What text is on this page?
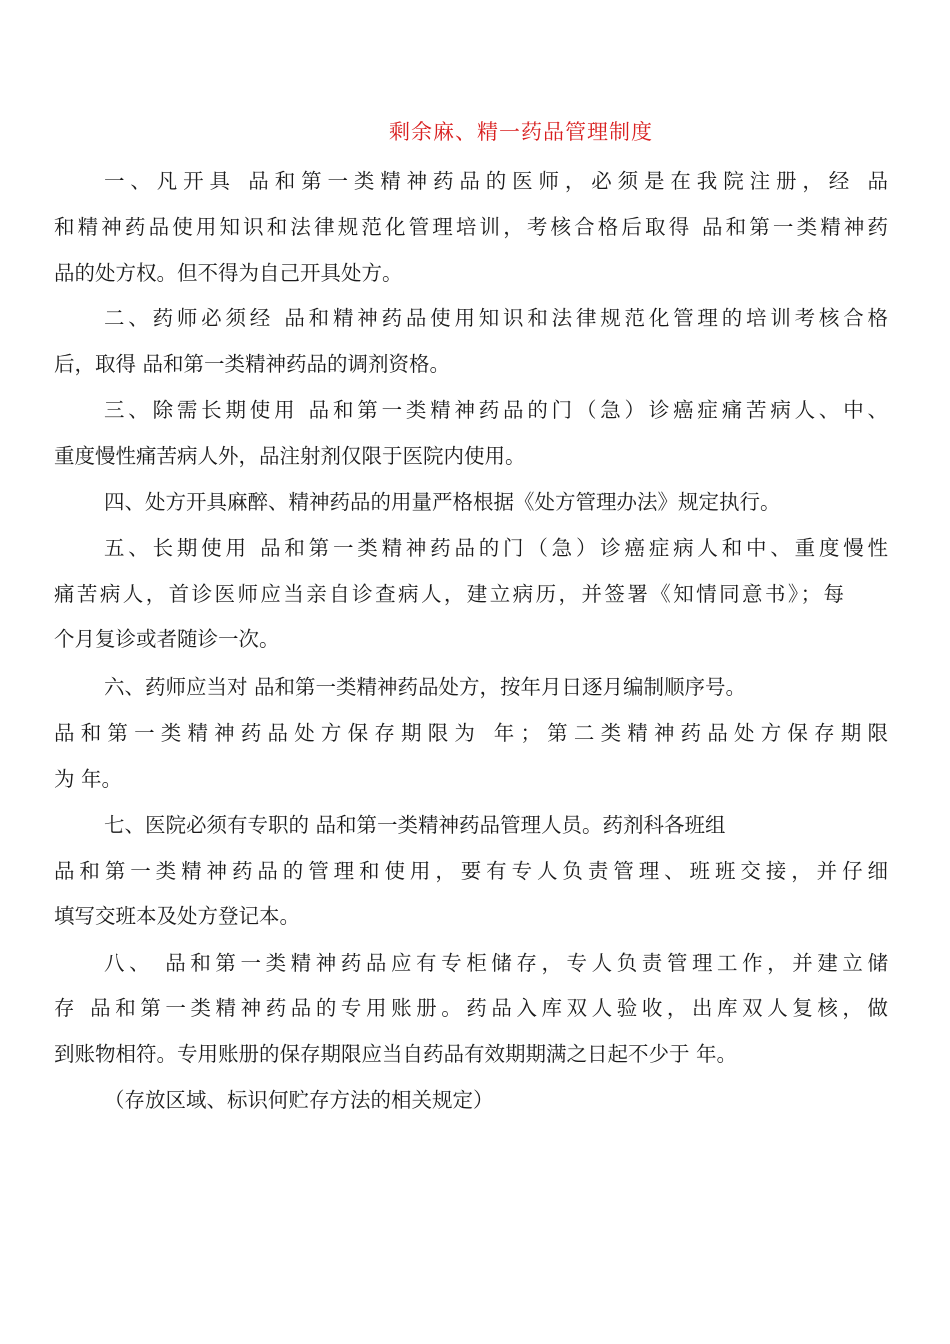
剩余麻、精一药品管理制度
一、凡开具 品和第一类精神药品的医师，必须是在我院注册，经 品
和精神药品使用知识和法律规范化管理培训，考核合格后取得 品和第一类精神药
品的处方权。但不得为自己开具处方。
二、药师必须经 品和精神药品使用知识和法律规范化管理的培训考核合格
后，取得 品和第一类精神药品的调剂资格。
三、除需长期使用 品和第一类精神药品的门（急）诊癌症痛苦病人、中、
重度慢性痛苦病人外，品注射剂仅限于医院内使用。
四、处方开具麻醉、精神药品的用量严格根据《处方管理办法》规定执行。
五、长期使用 品和第一类精神药品的门（急）诊癌症病人和中、重度慢性
痛苦病人，首诊医师应当亲自诊查病人，建立病历，并签署《知情同意书》；每
个月复诊或者随诊一次。
六、药师应当对 品和第一类精神药品处方，按年月日逐月编制顺序号。
品和第一类精神药品处方保存期限为 年；第二类精神药品处方保存期限
为 年。
七、医院必须有专职的 品和第一类精神药品管理人员。药剂科各班组
品和第一类精神药品的管理和使用，要有专人负责管理、班班交接，并仔细
填写交班本及处方登记本。
八、 品和第一类精神药品应有专柜储存，专人负责管理工作，并建立储
存 品和第一类精神药品的专用账册。药品入库双人验收，出库双人复核，做
到账物相符。专用账册的保存期限应当自药品有效期期满之日起不少于 年。
（存放区域、标识何贮存方法的相关规定）
